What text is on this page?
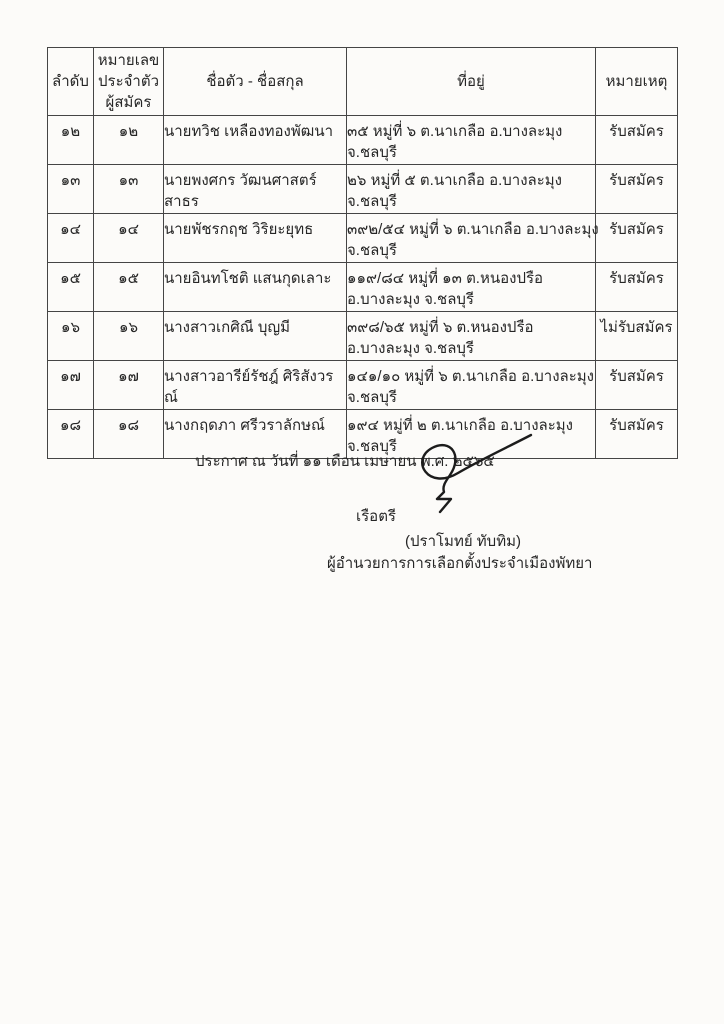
ลำดับ	หมายเลข ประจำตัว ผู้สมัคร	ชื่อตัว - ชื่อสกุล	ที่อยู่	หมายเหตุ
๑๒	๑๒	นายทวิช เหลืองทองพัฒนา	๓๕ หมู่ที่ ๖ ต.นาเกลือ อ.บางละมุง
จ.ชลบุรี	รับสมัคร
๑๓	๑๓	นายพงศกร วัฒนศาสตร์สาธร	๒๖ หมู่ที่ ๕ ต.นาเกลือ อ.บางละมุง
จ.ชลบุรี	รับสมัคร
๑๔	๑๔	นายพัชรกฤช วิริยะยุทธ	๓๙๒/๕๔ หมู่ที่ ๖ ต.นาเกลือ อ.บางละมุง
จ.ชลบุรี	รับสมัคร
๑๕	๑๕	นายอินทโชติ แสนกุดเลาะ	๑๑๙/๘๔ หมู่ที่ ๑๓ ต.หนองปรือ
อ.บางละมุง จ.ชลบุรี	รับสมัคร
๑๖	๑๖	นางสาวเกศิณี บุญมี	๓๙๘/๖๕ หมู่ที่ ๖ ต.หนองปรือ
อ.บางละมุง จ.ชลบุรี	ไม่รับสมัคร
๑๗	๑๗	นางสาวอารีย์รัชฎ์ ศิริสังวรณ์	๑๔๑/๑๐ หมู่ที่ ๖ ต.นาเกลือ อ.บางละมุง
จ.ชลบุรี	รับสมัคร
๑๘	๑๘	นางกฤดภา ศรีวราลักษณ์	๑๙๔ หมู่ที่ ๒ ต.นาเกลือ อ.บางละมุง
จ.ชลบุรี	รับสมัคร
ประกาศ ณ วันที่ ๑๑ เดือน เมษายน พ.ศ. ๒๕๖๕
เรือตรี
(ปราโมทย์ ทับทิม)
ผู้อำนวยการการเลือกตั้งประจำเมืองพัทยา
